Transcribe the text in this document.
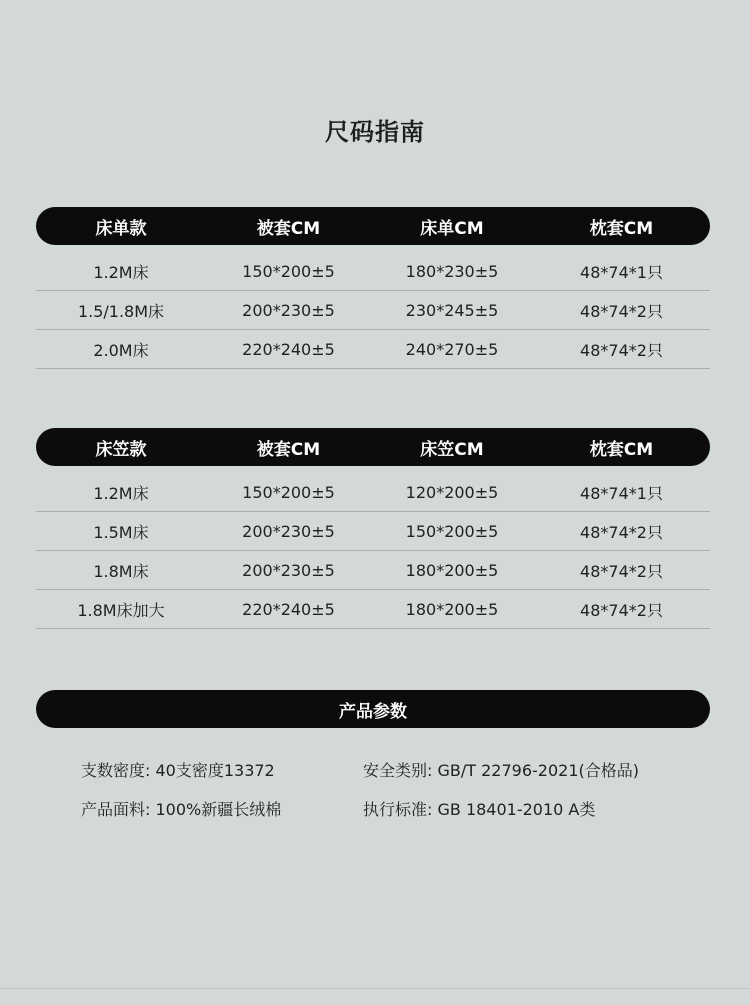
尺码指南
床单款	被套CM	床单CM	枕套CM
1.2M床	150*200±5	180*230±5	48*74*1只
1.5/1.8M床	200*230±5	230*245±5	48*74*2只
2.0M床	220*240±5	240*270±5	48*74*2只
床笠款	被套CM	床笠CM	枕套CM
1.2M床	150*200±5	120*200±5	48*74*1只
1.5M床	200*230±5	150*200±5	48*74*2只
1.8M床	200*230±5	180*200±5	48*74*2只
1.8M床加大	220*240±5	180*200±5	48*74*2只
产品参数
支数密度: 40支密度13372	安全类别: GB/T 22796-2021(合格品)
产品面料: 100%新疆长绒棉	执行标准: GB 18401-2010 A类
